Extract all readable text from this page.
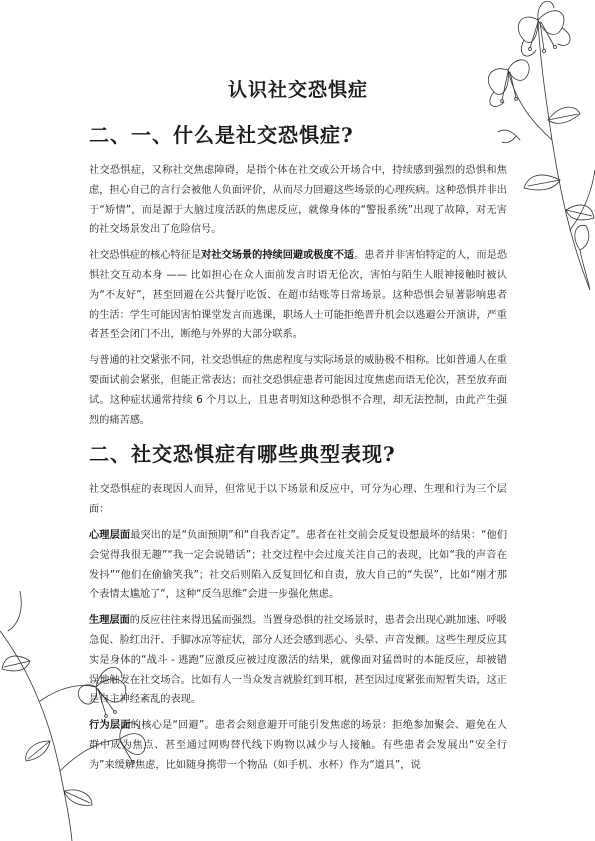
认识社交恐惧症
二、一、什么是社交恐惧症?

社交恐惧症，又称社交焦虑障碍，是指个体在社交或公开场合中，持续感到强烈的恐惧和焦虑，担心自己的言行会被他人负面评价，从而尽力回避这些场景的心理疾病。这种恐惧并非出于“矫情”，而是源于大脑过度活跃的焦虑反应，就像身体的“警报系统”出现了故障，对无害的社交场景发出了危险信号。

社交恐惧症的核心特征是对社交场景的持续回避或极度不适。患者并非害怕特定的人，而是恐惧社交互动本身 —— 比如担心在众人面前发言时语无伦次，害怕与陌生人眼神接触时被认为“不友好”，甚至回避在公共餐厅吃饭、在超市结账等日常场景。这种恐惧会显著影响患者的生活：学生可能因害怕课堂发言而逃课，职场人士可能拒绝晋升机会以逃避公开演讲，严重者甚至会闭门不出，断绝与外界的大部分联系。

与普通的社交紧张不同，社交恐惧症的焦虑程度与实际场景的威胁极不相称。比如普通人在重要面试前会紧张，但能正常表达；而社交恐惧症患者可能因过度焦虑而语无伦次，甚至放弃面试。这种症状通常持续 6 个月以上，且患者明知这种恐惧不合理，却无法控制，由此产生强烈的痛苦感。

二、社交恐惧症有哪些典型表现?

社交恐惧症的表现因人而异，但常见于以下场景和反应中，可分为心理、生理和行为三个层面：

心理层面最突出的是“负面预期”和“自我否定”。患者在社交前会反复设想最坏的结果：“他们会觉得我很无趣”“我一定会说错话”；社交过程中会过度关注自己的表现，比如“我的声音在发抖”“他们在偷偷笑我”；社交后则陷入反复回忆和自责，放大自己的“失误”，比如“刚才那个表情太尴尬了”，这种“反刍思维”会进一步强化焦虑。

生理层面的反应往往来得迅猛而强烈。当置身恐惧的社交场景时，患者会出现心跳加速、呼吸急促、脸红出汗、手脚冰凉等症状，部分人还会感到恶心、头晕、声音发颤。这些生理反应其实是身体的“战斗 - 逃跑”应激反应被过度激活的结果，就像面对猛兽时的本能反应，却被错误地触发在社交场合。比如有人一当众发言就脸红到耳根，甚至因过度紧张而短暂失语，这正是自主神经紊乱的表现。

行为层面的核心是“回避”。患者会刻意避开可能引发焦虑的场景：拒绝参加聚会、避免在人群中成为焦点、甚至通过网购替代线下购物以减少与人接触。有些患者会发展出“安全行为”来缓解焦虑，比如随身携带一个物品（如手机、水杯）作为“道具”，说
